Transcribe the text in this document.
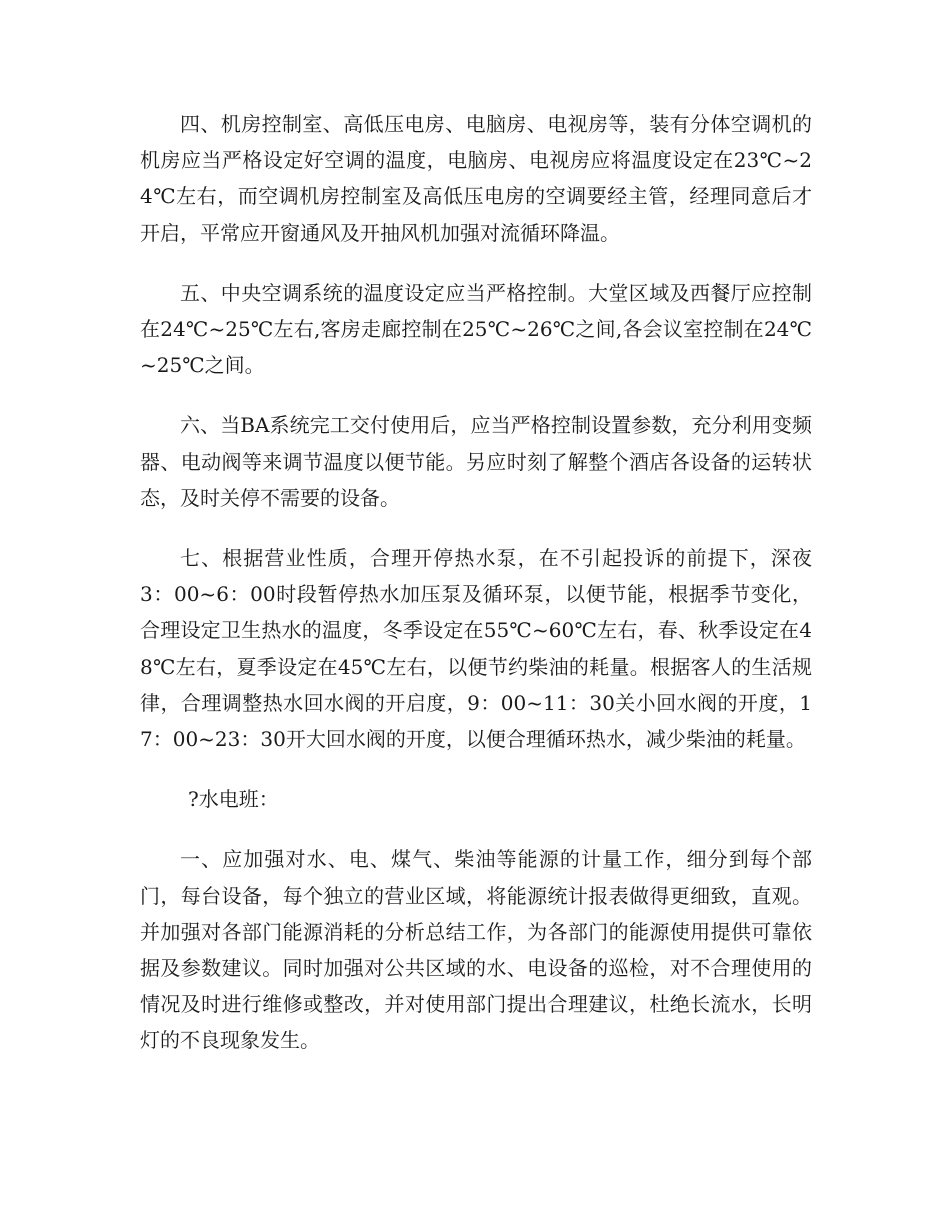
四、机房控制室、高低压电房、电脑房、电视房等，装有分体空调机的机房应当严格设定好空调的温度，电脑房、电视房应将温度设定在23℃~24℃左右，而空调机房控制室及高低压电房的空调要经主管，经理同意后才开启，平常应开窗通风及开抽风机加强对流循环降温。

五、中央空调系统的温度设定应当严格控制。大堂区域及西餐厅应控制在24℃~25℃左右,客房走廊控制在25℃~26℃之间,各会议室控制在24℃~25℃之间。

六、当BA系统完工交付使用后，应当严格控制设置参数，充分利用变频器、电动阀等来调节温度以便节能。另应时刻了解整个酒店各设备的运转状态，及时关停不需要的设备。

七、根据营业性质，合理开停热水泵，在不引起投诉的前提下，深夜3：00~6：00时段暂停热水加压泵及循环泵，以便节能，根据季节变化，合理设定卫生热水的温度，冬季设定在55℃~60℃左右，春、秋季设定在48℃左右，夏季设定在45℃左右，以便节约柴油的耗量。根据客人的生活规律，合理调整热水回水阀的开启度，9：00~11：30关小回水阀的开度，17：00~23：30开大回水阀的开度，以便合理循环热水，减少柴油的耗量。

?水电班：

一、应加强对水、电、煤气、柴油等能源的计量工作，细分到每个部门，每台设备，每个独立的营业区域，将能源统计报表做得更细致，直观。并加强对各部门能源消耗的分析总结工作，为各部门的能源使用提供可靠依据及参数建议。同时加强对公共区域的水、电设备的巡检，对不合理使用的情况及时进行维修或整改，并对使用部门提出合理建议，杜绝长流水，长明灯的不良现象发生。
